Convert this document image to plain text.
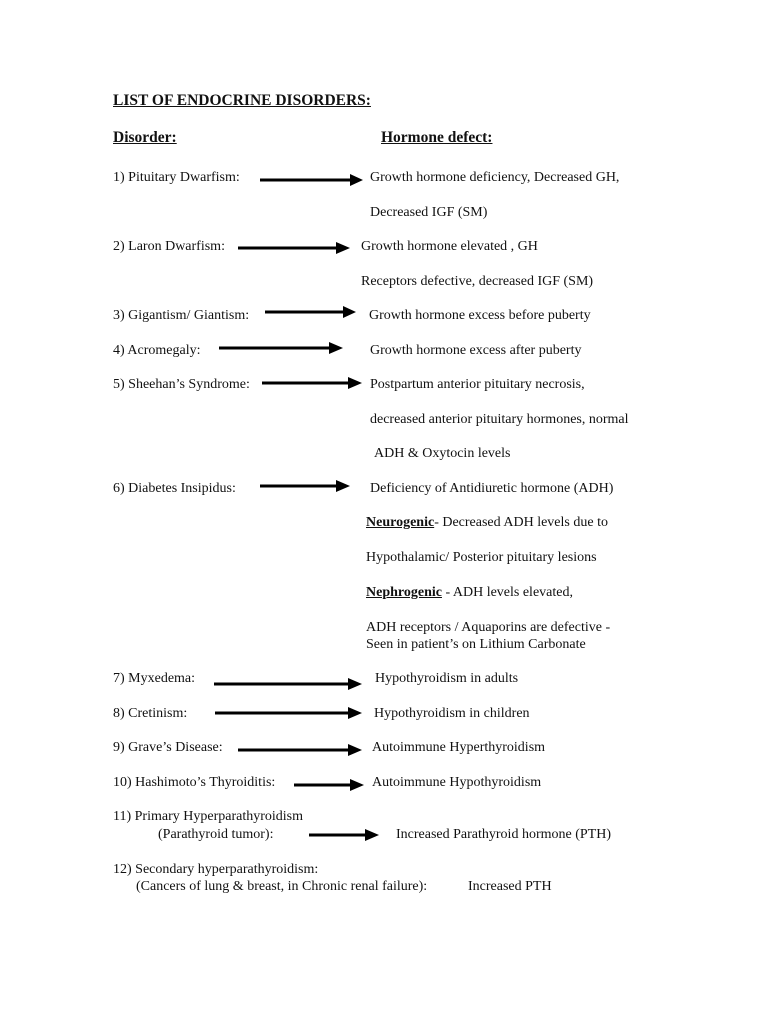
LIST OF ENDOCRINE DISORDERS:
Disorder:	Hormone defect:
1) Pituitary Dwarfism:	Growth hormone deficiency, Decreased GH,
Decreased IGF (SM)
2) Laron Dwarfism:	Growth hormone elevated , GH
Receptors defective, decreased IGF (SM)
3) Gigantism/ Giantism:	Growth hormone excess before puberty
4) Acromegaly:	Growth hormone excess after puberty
5) Sheehan’s Syndrome:	Postpartum anterior pituitary necrosis,
decreased anterior pituitary hormones, normal
ADH & Oxytocin levels
6) Diabetes Insipidus:	Deficiency of Antidiuretic hormone (ADH)
Neurogenic- Decreased ADH levels due to
Hypothalamic/ Posterior pituitary lesions
Nephrogenic - ADH levels elevated,
ADH receptors / Aquaporins are defective -
Seen in patient’s on Lithium Carbonate
7) Myxedema:	Hypothyroidism in adults
8) Cretinism:	Hypothyroidism in children
9) Grave’s Disease:	Autoimmune Hyperthyroidism
10) Hashimoto’s Thyroiditis:	Autoimmune Hypothyroidism
11) Primary Hyperparathyroidism
(Parathyroid tumor):	Increased Parathyroid hormone (PTH)
12) Secondary hyperparathyroidism:
(Cancers of lung & breast, in Chronic renal failure):	Increased PTH
